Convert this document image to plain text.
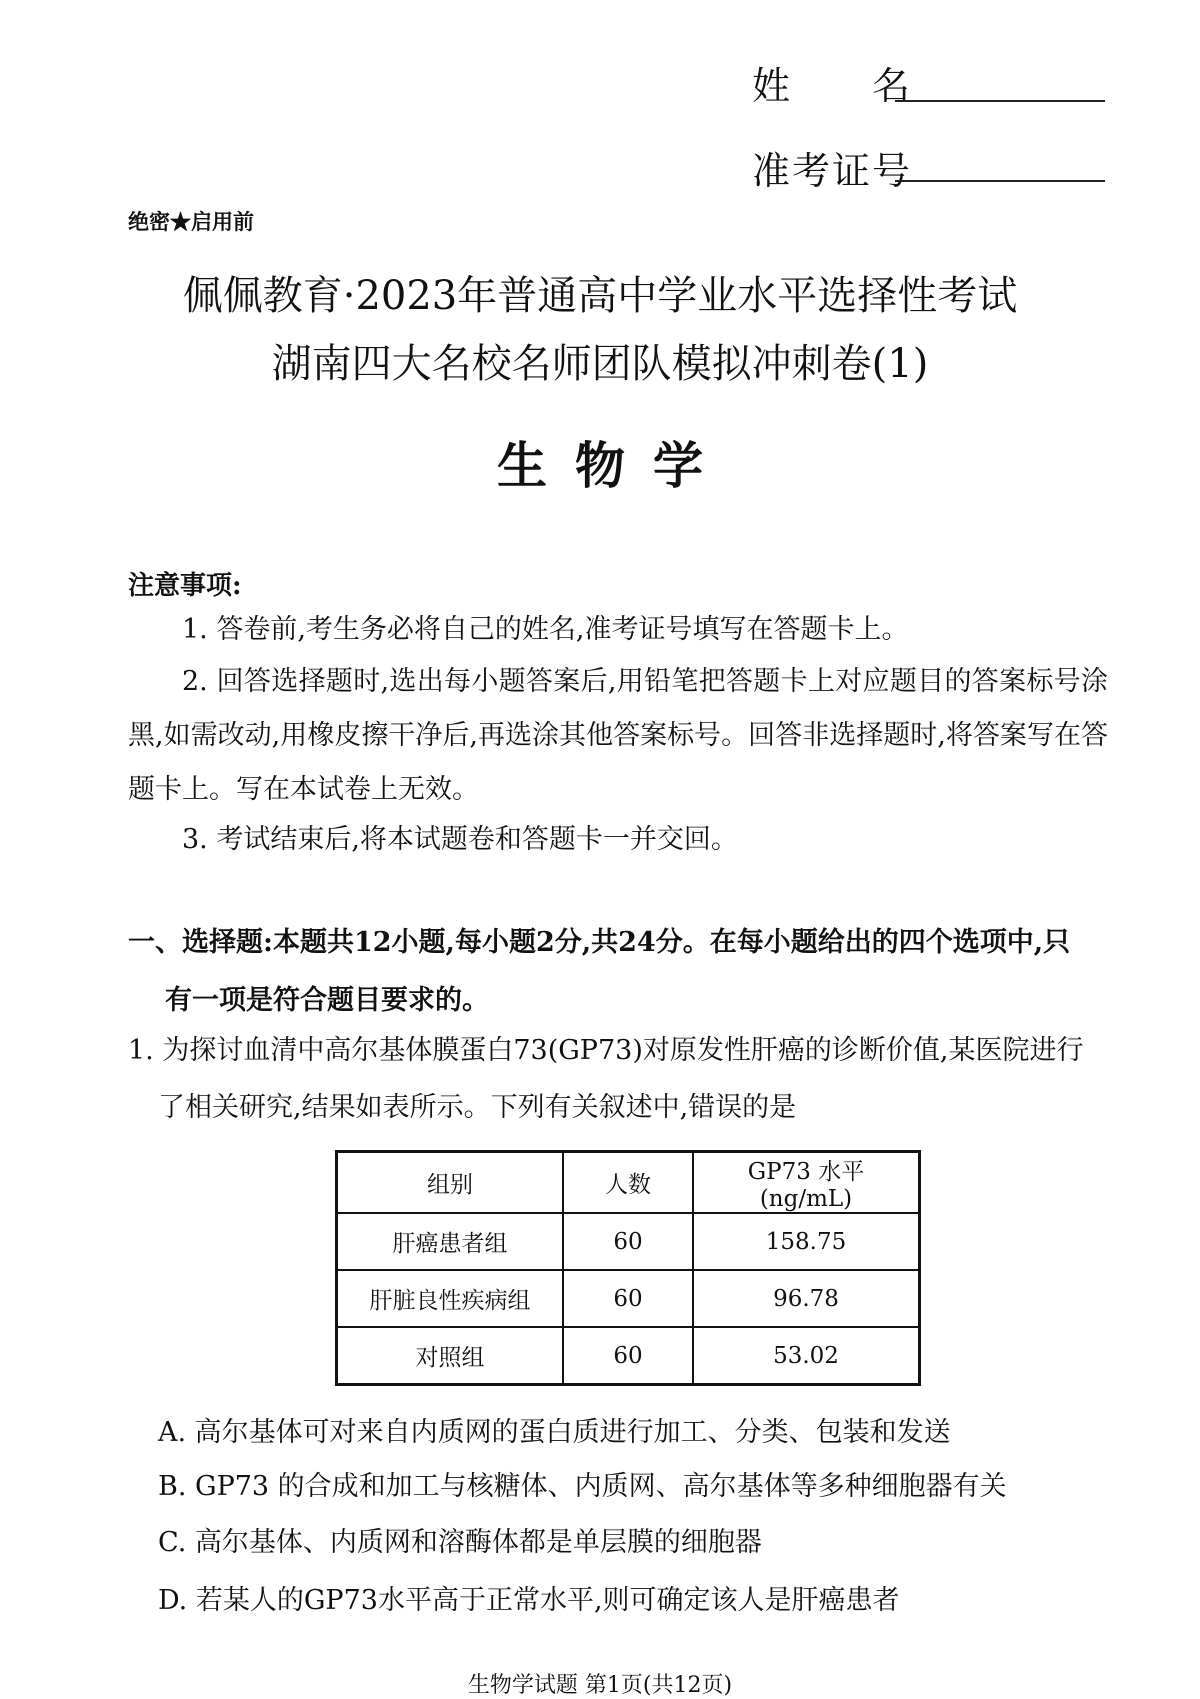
姓　　名
准考证号
绝密★启用前
佩佩教育·2023年普通高中学业水平选择性考试
湖南四大名校名师团队模拟冲刺卷(1)
生物学
注意事项:
1. 答卷前,考生务必将自己的姓名,准考证号填写在答题卡上。
2. 回答选择题时,选出每小题答案后,用铅笔把答题卡上对应题目的答案标号涂黑,如需改动,用橡皮擦干净后,再选涂其他答案标号。回答非选择题时,将答案写在答题卡上。写在本试卷上无效。
3. 考试结束后,将本试题卷和答题卡一并交回。
一、选择题:本题共12小题,每小题2分,共24分。在每小题给出的四个选项中,只
有一项是符合题目要求的。
1. 为探讨血清中高尔基体膜蛋白73(GP73)对原发性肝癌的诊断价值,某医院进行
了相关研究,结果如表所示。下列有关叙述中,错误的是
组别	人数	GP73 水平(ng/mL)
肝癌患者组	60	158.75
肝脏良性疾病组	60	96.78
对照组	60	53.02
A. 高尔基体可对来自内质网的蛋白质进行加工、分类、包装和发送
B. GP73 的合成和加工与核糖体、内质网、高尔基体等多种细胞器有关
C. 高尔基体、内质网和溶酶体都是单层膜的细胞器
D. 若某人的GP73水平高于正常水平,则可确定该人是肝癌患者
生物学试题 第1页(共12页)
